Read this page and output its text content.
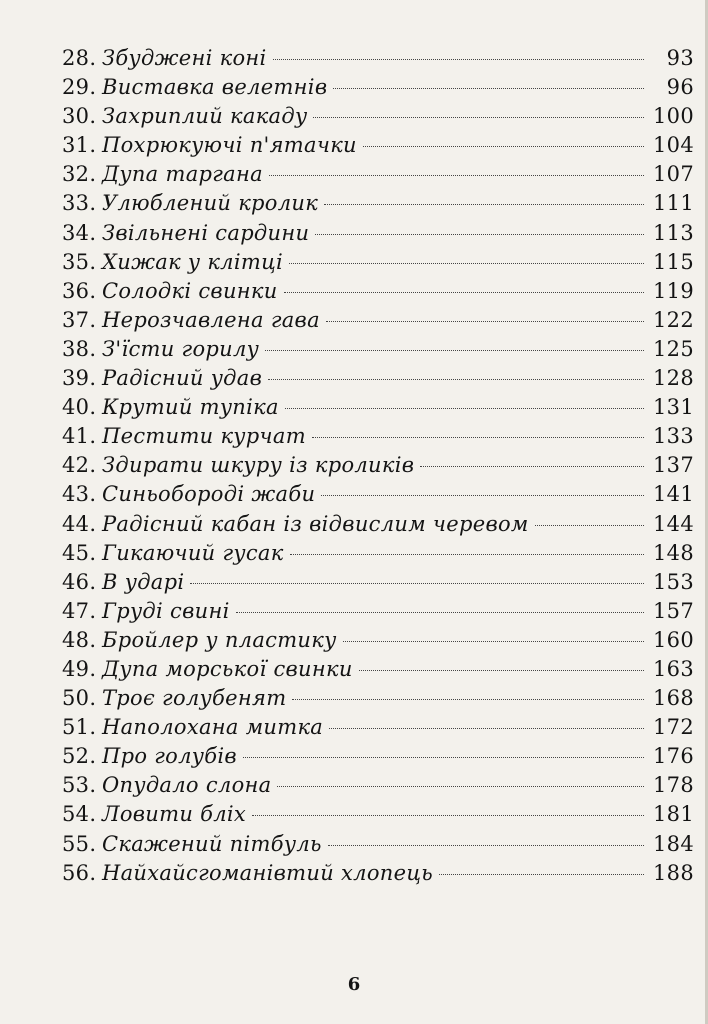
28. Збуджені коні	93
29. Виставка велетнів	96
30. Захриплий какаду	100
31. Похрюкуючі п'ятачки	104
32. Дупа таргана	107
33. Улюблений кролик	111
34. Звільнені сардини	113
35. Хижак у клітці	115
36. Солодкі свинки	119
37. Нерозчавлена гава	122
38. З'їсти горилу	125
39. Радісний удав	128
40. Крутий тупіка	131
41. Пестити курчат	133
42. Здирати шкуру із кроликів	137
43. Синьобороді жаби	141
44. Радісний кабан із відвислим черевом	144
45. Гикаючий гусак	148
46. В ударі	153
47. Груді свині	157
48. Бройлер у пластику	160
49. Дупа морської свинки	163
50. Троє голубенят	168
51. Наполохана митка	172
52. Про голубів	176
53. Опудало слона	178
54. Ловити бліх	181
55. Скажений пітбуль	184
56. Найхайсгоманівтий хлопець	188
6
